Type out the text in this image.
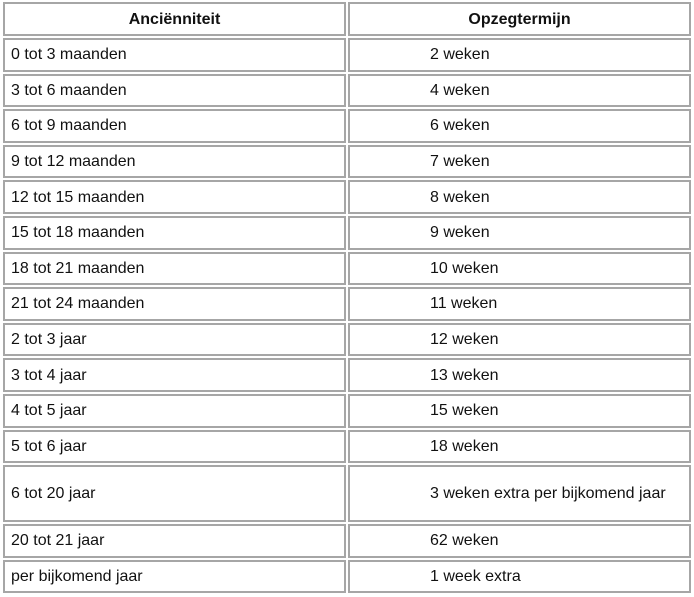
Anciënniteit	Opzegtermijn
0 tot 3 maanden	2 weken
3 tot 6 maanden	4 weken
6 tot 9 maanden	6 weken
9 tot 12 maanden	7 weken
12 tot 15 maanden	8 weken
15 tot 18 maanden	9 weken
18 tot 21 maanden	10 weken
21 tot 24 maanden	11 weken
2 tot 3 jaar	12 weken
3 tot 4 jaar	13 weken
4 tot 5 jaar	15 weken
5 tot 6 jaar	18 weken
6 tot 20 jaar	3 weken extra per bijkomend jaar
20 tot 21 jaar	62 weken
per bijkomend jaar	1 week extra
